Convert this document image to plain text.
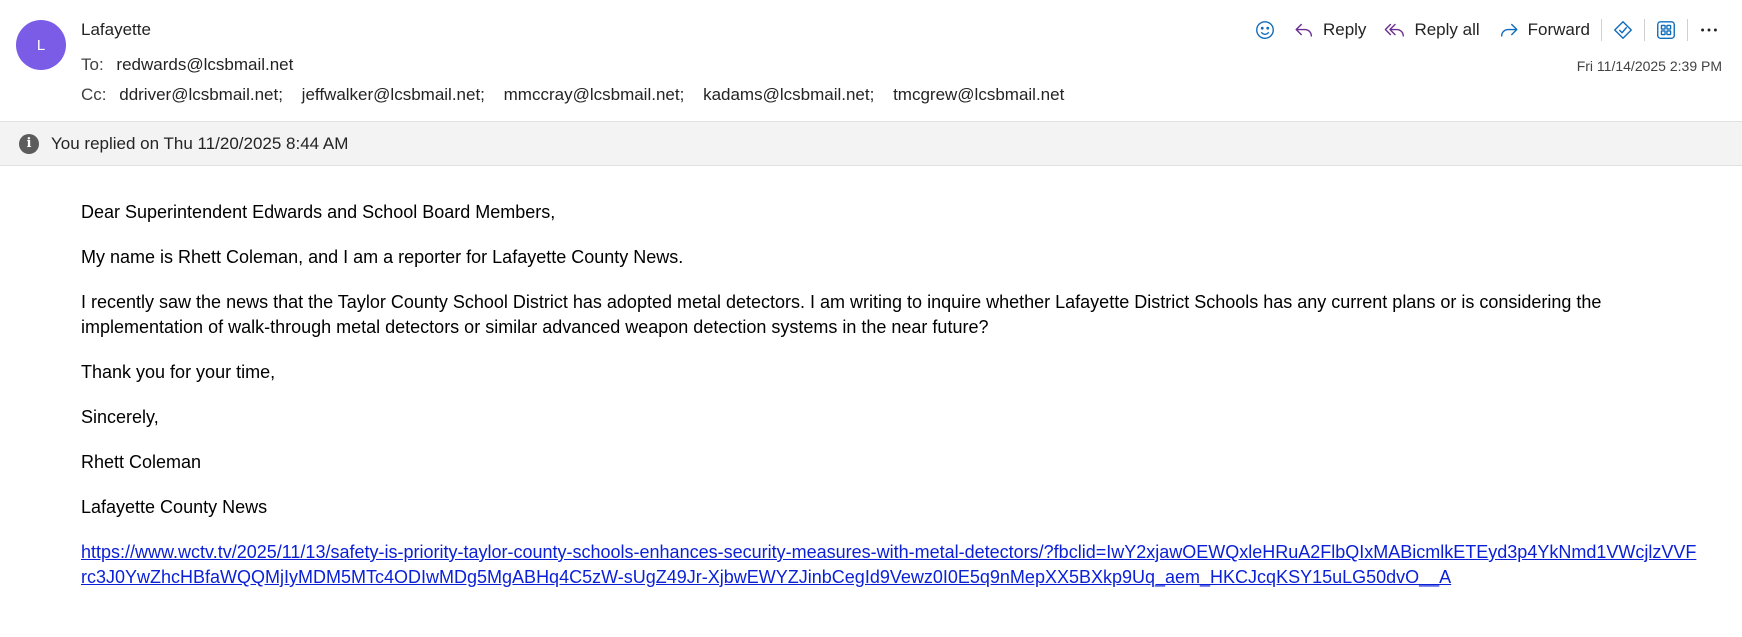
L
Lafayette
To: redwards@lcsbmail.net
Cc: ddriver@lcsbmail.net; jeffwalker@lcsbmail.net; mmccray@lcsbmail.net; kadams@lcsbmail.net; tmcgrew@lcsbmail.net
Reply	Reply all	Forward
Fri 11/14/2025 2:39 PM
i	You replied on Thu 11/20/2025 8:44 AM

Dear Superintendent Edwards and School Board Members,

My name is Rhett Coleman, and I am a reporter for Lafayette County News.

I recently saw the news that the Taylor County School District has adopted metal detectors. I am writing to inquire whether Lafayette District Schools has any current plans or is considering the implementation of walk-through metal detectors or similar advanced weapon detection systems in the near future?

Thank you for your time,

Sincerely,

Rhett Coleman

Lafayette County News

https://www.wctv.tv/2025/11/13/safety-is-priority-taylor-county-schools-enhances-security-measures-with-metal-detectors/?fbclid=IwY2xjawOEWQxleHRuA2FlbQIxMABicmlkETEyd3p4YkNmd1VWcjlzVVFrc3J0YwZhcHBfaWQQMjIyMDM5MTc4ODIwMDg5MgABHq4C5zW-sUgZ49Jr-XjbwEWYZJinbCegId9Vewz0I0E5q9nMepXX5BXkp9Uq_aem_HKCJcqKSY15uLG50dvO__A
